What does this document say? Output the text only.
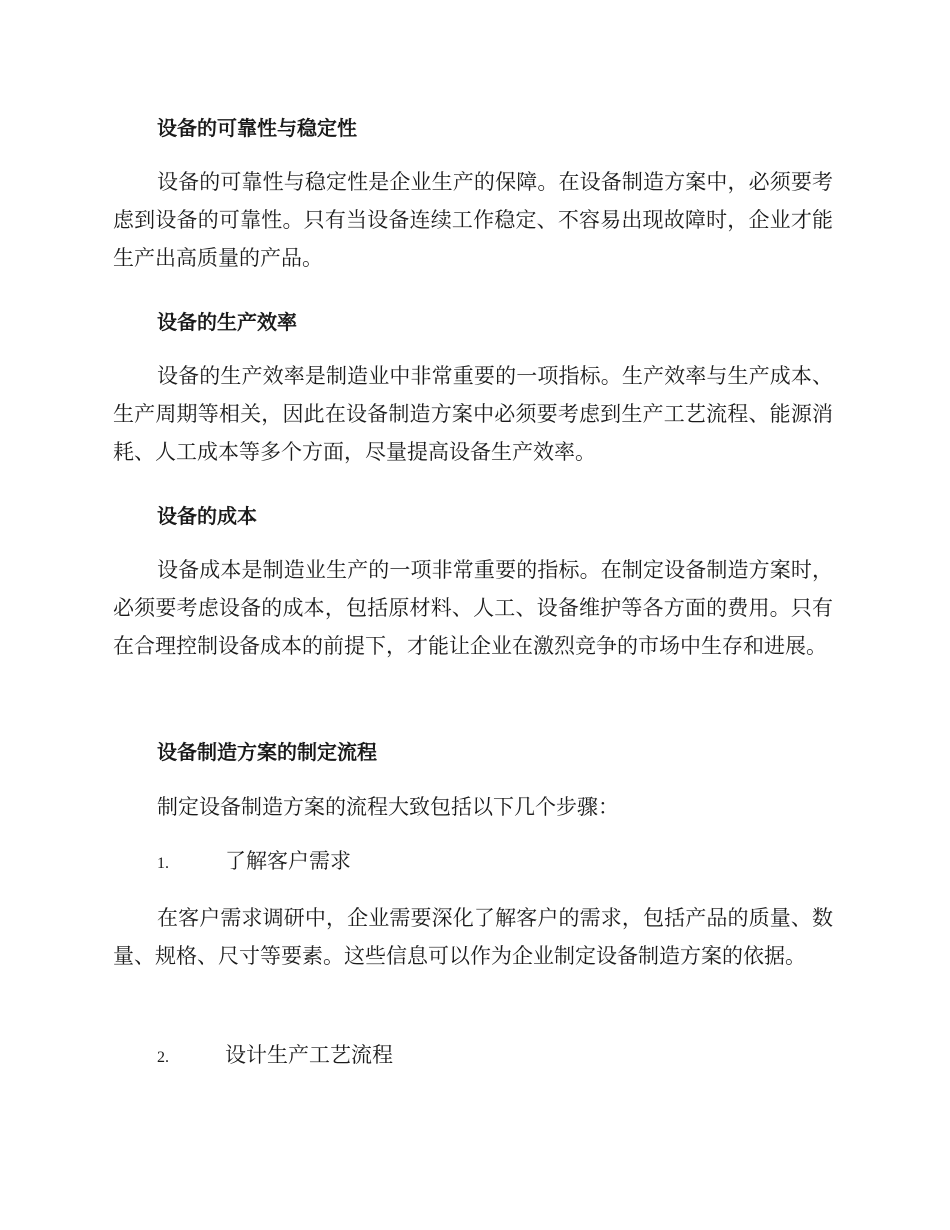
设备的可靠性与稳定性
设备的可靠性与稳定性是企业生产的保障。在设备制造方案中，必须要考虑到设备的可靠性。只有当设备连续工作稳定、不容易出现故障时，企业才能生产出高质量的产品。
设备的生产效率
设备的生产效率是制造业中非常重要的一项指标。生产效率与生产成本、生产周期等相关，因此在设备制造方案中必须要考虑到生产工艺流程、能源消耗、人工成本等多个方面，尽量提高设备生产效率。
设备的成本
设备成本是制造业生产的一项非常重要的指标。在制定设备制造方案时，必须要考虑设备的成本，包括原材料、人工、设备维护等各方面的费用。只有在合理控制设备成本的前提下，才能让企业在激烈竞争的市场中生存和进展。
设备制造方案的制定流程
制定设备制造方案的流程大致包括以下几个步骤：
1.	了解客户需求
在客户需求调研中，企业需要深化了解客户的需求，包括产品的质量、数量、规格、尺寸等要素。这些信息可以作为企业制定设备制造方案的依据。
2.	设计生产工艺流程
